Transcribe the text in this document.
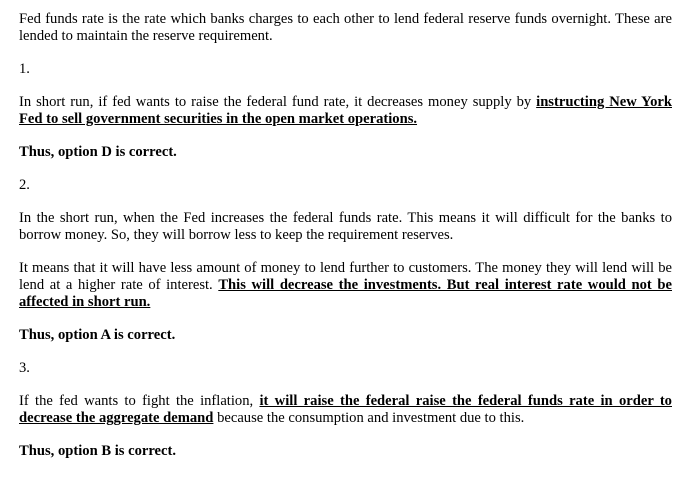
Fed funds rate is the rate which banks charges to each other to lend federal reserve funds overnight. These are lended to maintain the reserve requirement.

1.

In short run, if fed wants to raise the federal fund rate, it decreases money supply by instructing New York Fed to sell government securities in the open market operations.

Thus, option D is correct.

2.

In the short run, when the Fed increases the federal funds rate. This means it will difficult for the banks to borrow money. So, they will borrow less to keep the requirement reserves.

It means that it will have less amount of money to lend further to customers. The money they will lend will be lend at a higher rate of interest. This will decrease the investments. But real interest rate would not be affected in short run.

Thus, option A is correct.

3.

If the fed wants to fight the inflation, it will raise the federal raise the federal funds rate in order to decrease the aggregate demand because the consumption and investment due to this.

Thus, option B is correct.
